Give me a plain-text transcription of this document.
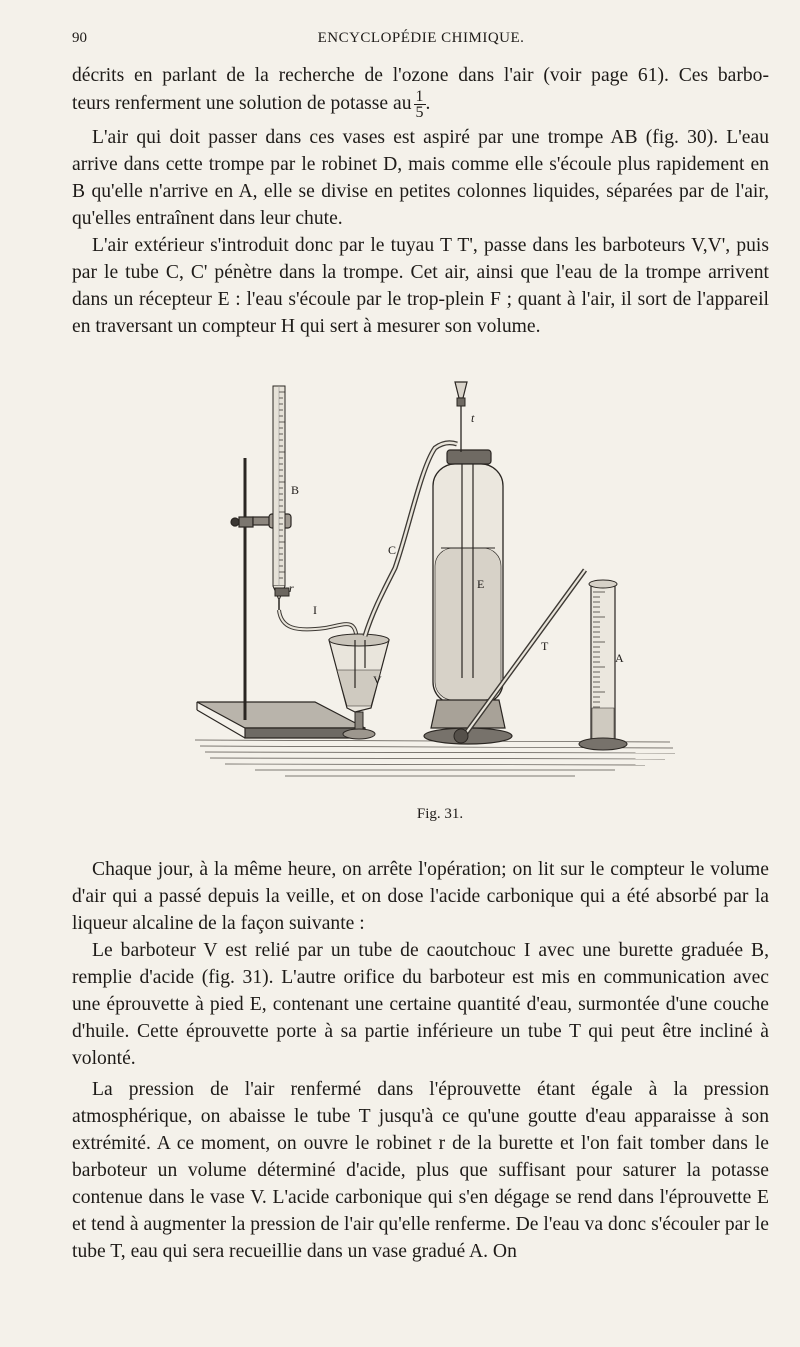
90	ENCYCLOPÉDIE CHIMIQUE.

décrits en parlant de la recherche de l'ozone dans l'air (voir page 61). Ces barbo-

teurs renferment une solution de potasse au $\frac{1}{5}$ .

L'air qui doit passer dans ces vases est aspiré par une trompe AB (fig. 30). L'eau arrive dans cette trompe par le robinet D, mais comme elle s'écoule plus rapidement en B qu'elle n'arrive en A, elle se divise en petites colonnes liquides, séparées par de l'air, qu'elles entraînent dans leur chute.

L'air extérieur s'introduit donc par le tuyau T T', passe dans les barboteurs V,V', puis par le tube C, C' pénètre dans la trompe. Cet air, ainsi que l'eau de la trompe arrivent dans un récepteur E : l'eau s'écoule par le trop-plein F ; quant à l'air, il sort de l'appareil en traversant un compteur H qui sert à mesurer son volume.

B
r
I
C
V
t
E
T
A
Fig. 31.

Chaque jour, à la même heure, on arrête l'opération; on lit sur le compteur le volume d'air qui a passé depuis la veille, et on dose l'acide carbonique qui a été absorbé par la liqueur alcaline de la façon suivante :

Le barboteur V est relié par un tube de caoutchouc I avec une burette graduée B, remplie d'acide (fig. 31). L'autre orifice du barboteur est mis en communication avec une éprouvette à pied E, contenant une certaine quantité d'eau, surmontée d'une couche d'huile. Cette éprouvette porte à sa partie inférieure un tube T qui peut être incliné à volonté.

La pression de l'air renfermé dans l'éprouvette étant égale à la pression atmosphérique, on abaisse le tube T jusqu'à ce qu'une goutte d'eau apparaisse à son extrémité. A ce moment, on ouvre le robinet r de la burette et l'on fait tomber dans le barboteur un volume déterminé d'acide, plus que suffisant pour saturer la potasse contenue dans le vase V. L'acide carbonique qui s'en dégage se rend dans l'éprouvette E et tend à augmenter la pression de l'air qu'elle renferme. De l'eau va donc s'écouler par le tube T, eau qui sera recueillie dans un vase gradué A. On
